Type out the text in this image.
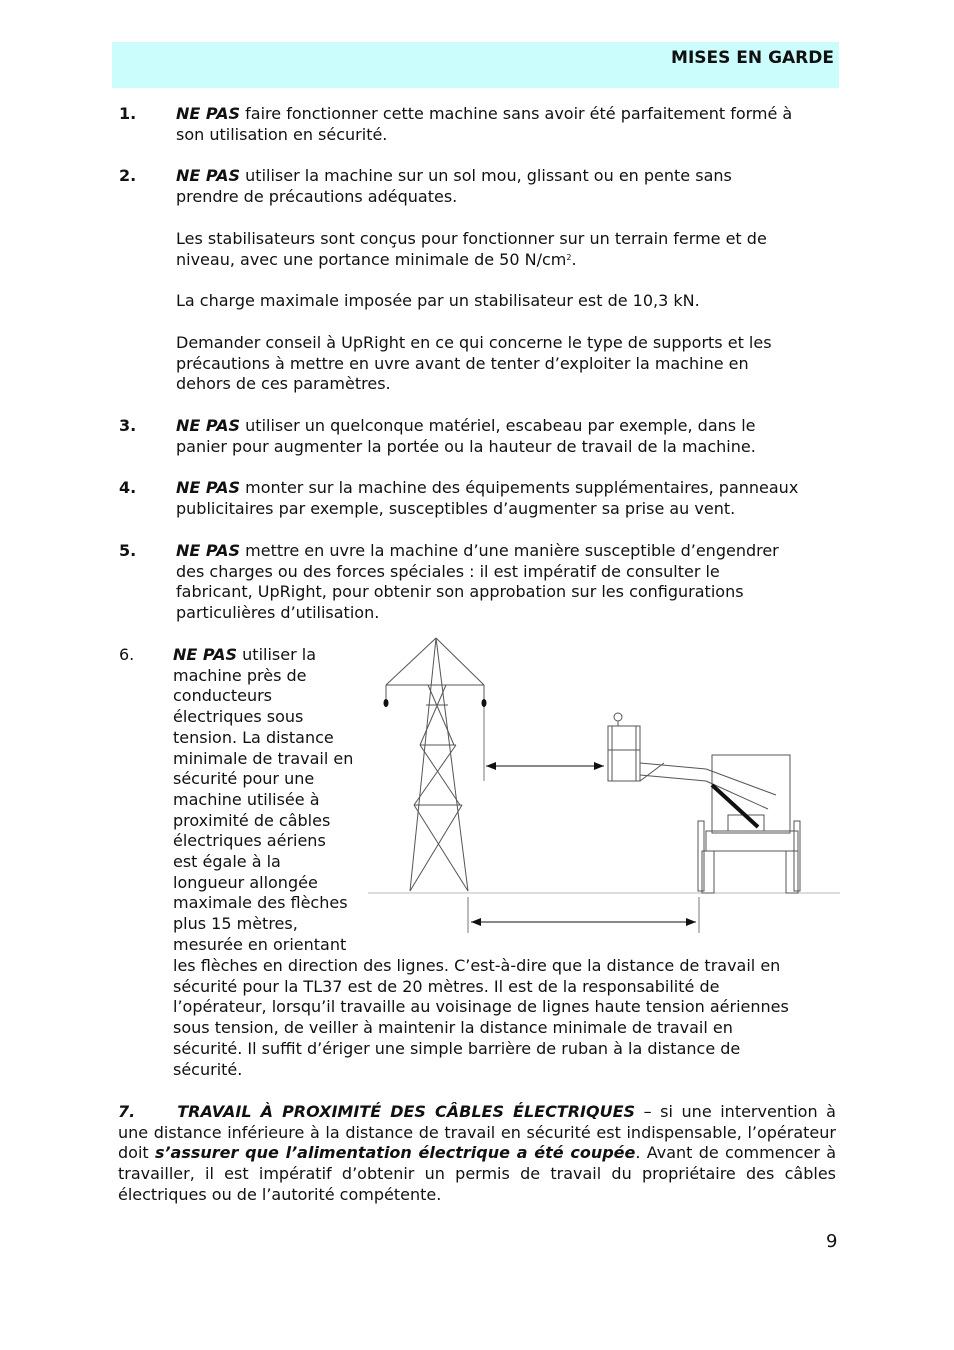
MISES EN GARDE
1. NE PAS faire fonctionner cette machine sans avoir été parfaitement formé à
son utilisation en sécurité.
2. NE PAS utiliser la machine sur un sol mou, glissant ou en pente sans
prendre de précautions adéquates.
Les stabilisateurs sont conçus pour fonctionner sur un terrain ferme et de
niveau, avec une portance minimale de 50 $N/cm^2$.
La charge maximale imposée par un stabilisateur est de 10,3 kN.
Demander conseil à UpRight en ce qui concerne le type de supports et les
précautions à mettre en uvre avant de tenter d’exploiter la machine en
dehors de ces paramètres.
3. NE PAS utiliser un quelconque matériel, escabeau par exemple, dans le
panier pour augmenter la portée ou la hauteur de travail de la machine.
4. NE PAS monter sur la machine des équipements supplémentaires, panneaux
publicitaires par exemple, susceptibles d’augmenter sa prise au vent.
5. NE PAS mettre en uvre la machine d’une manière susceptible d’engendrer
des charges ou des forces spéciales : il est impératif de consulter le
fabricant, UpRight, pour obtenir son approbation sur les configurations
particulières d’utilisation.
6. NE PAS utiliser la
machine près de
conducteurs
électriques sous
tension. La distance
minimale de travail en
sécurité pour une
machine utilisée à
proximité de câbles
électriques aériens
est égale à la
longueur allongée
maximale des flèches
plus 15 mètres,
mesurée en orientant
les flèches en direction des lignes. C’est-à-dire que la distance de travail en
sécurité pour la TL37 est de 20 mètres. Il est de la responsabilité de
l’opérateur, lorsqu’il travaille au voisinage de lignes haute tension aériennes
sous tension, de veiller à maintenir la distance minimale de travail en
sécurité. Il suffit d’ériger une simple barrière de ruban à la distance de
sécurité.
7.	TRAVAIL À PROXIMITÉ DES CÂBLES ÉLECTRIQUES – si une intervention à une distance inférieure à la distance de travail en sécurité est indispensable, l’opérateur doit s’assurer que l’alimentation électrique a été coupée. Avant de commencer à travailler, il est impératif d’obtenir un permis de travail du propriétaire des câbles électriques ou de l’autorité compétente.
9
